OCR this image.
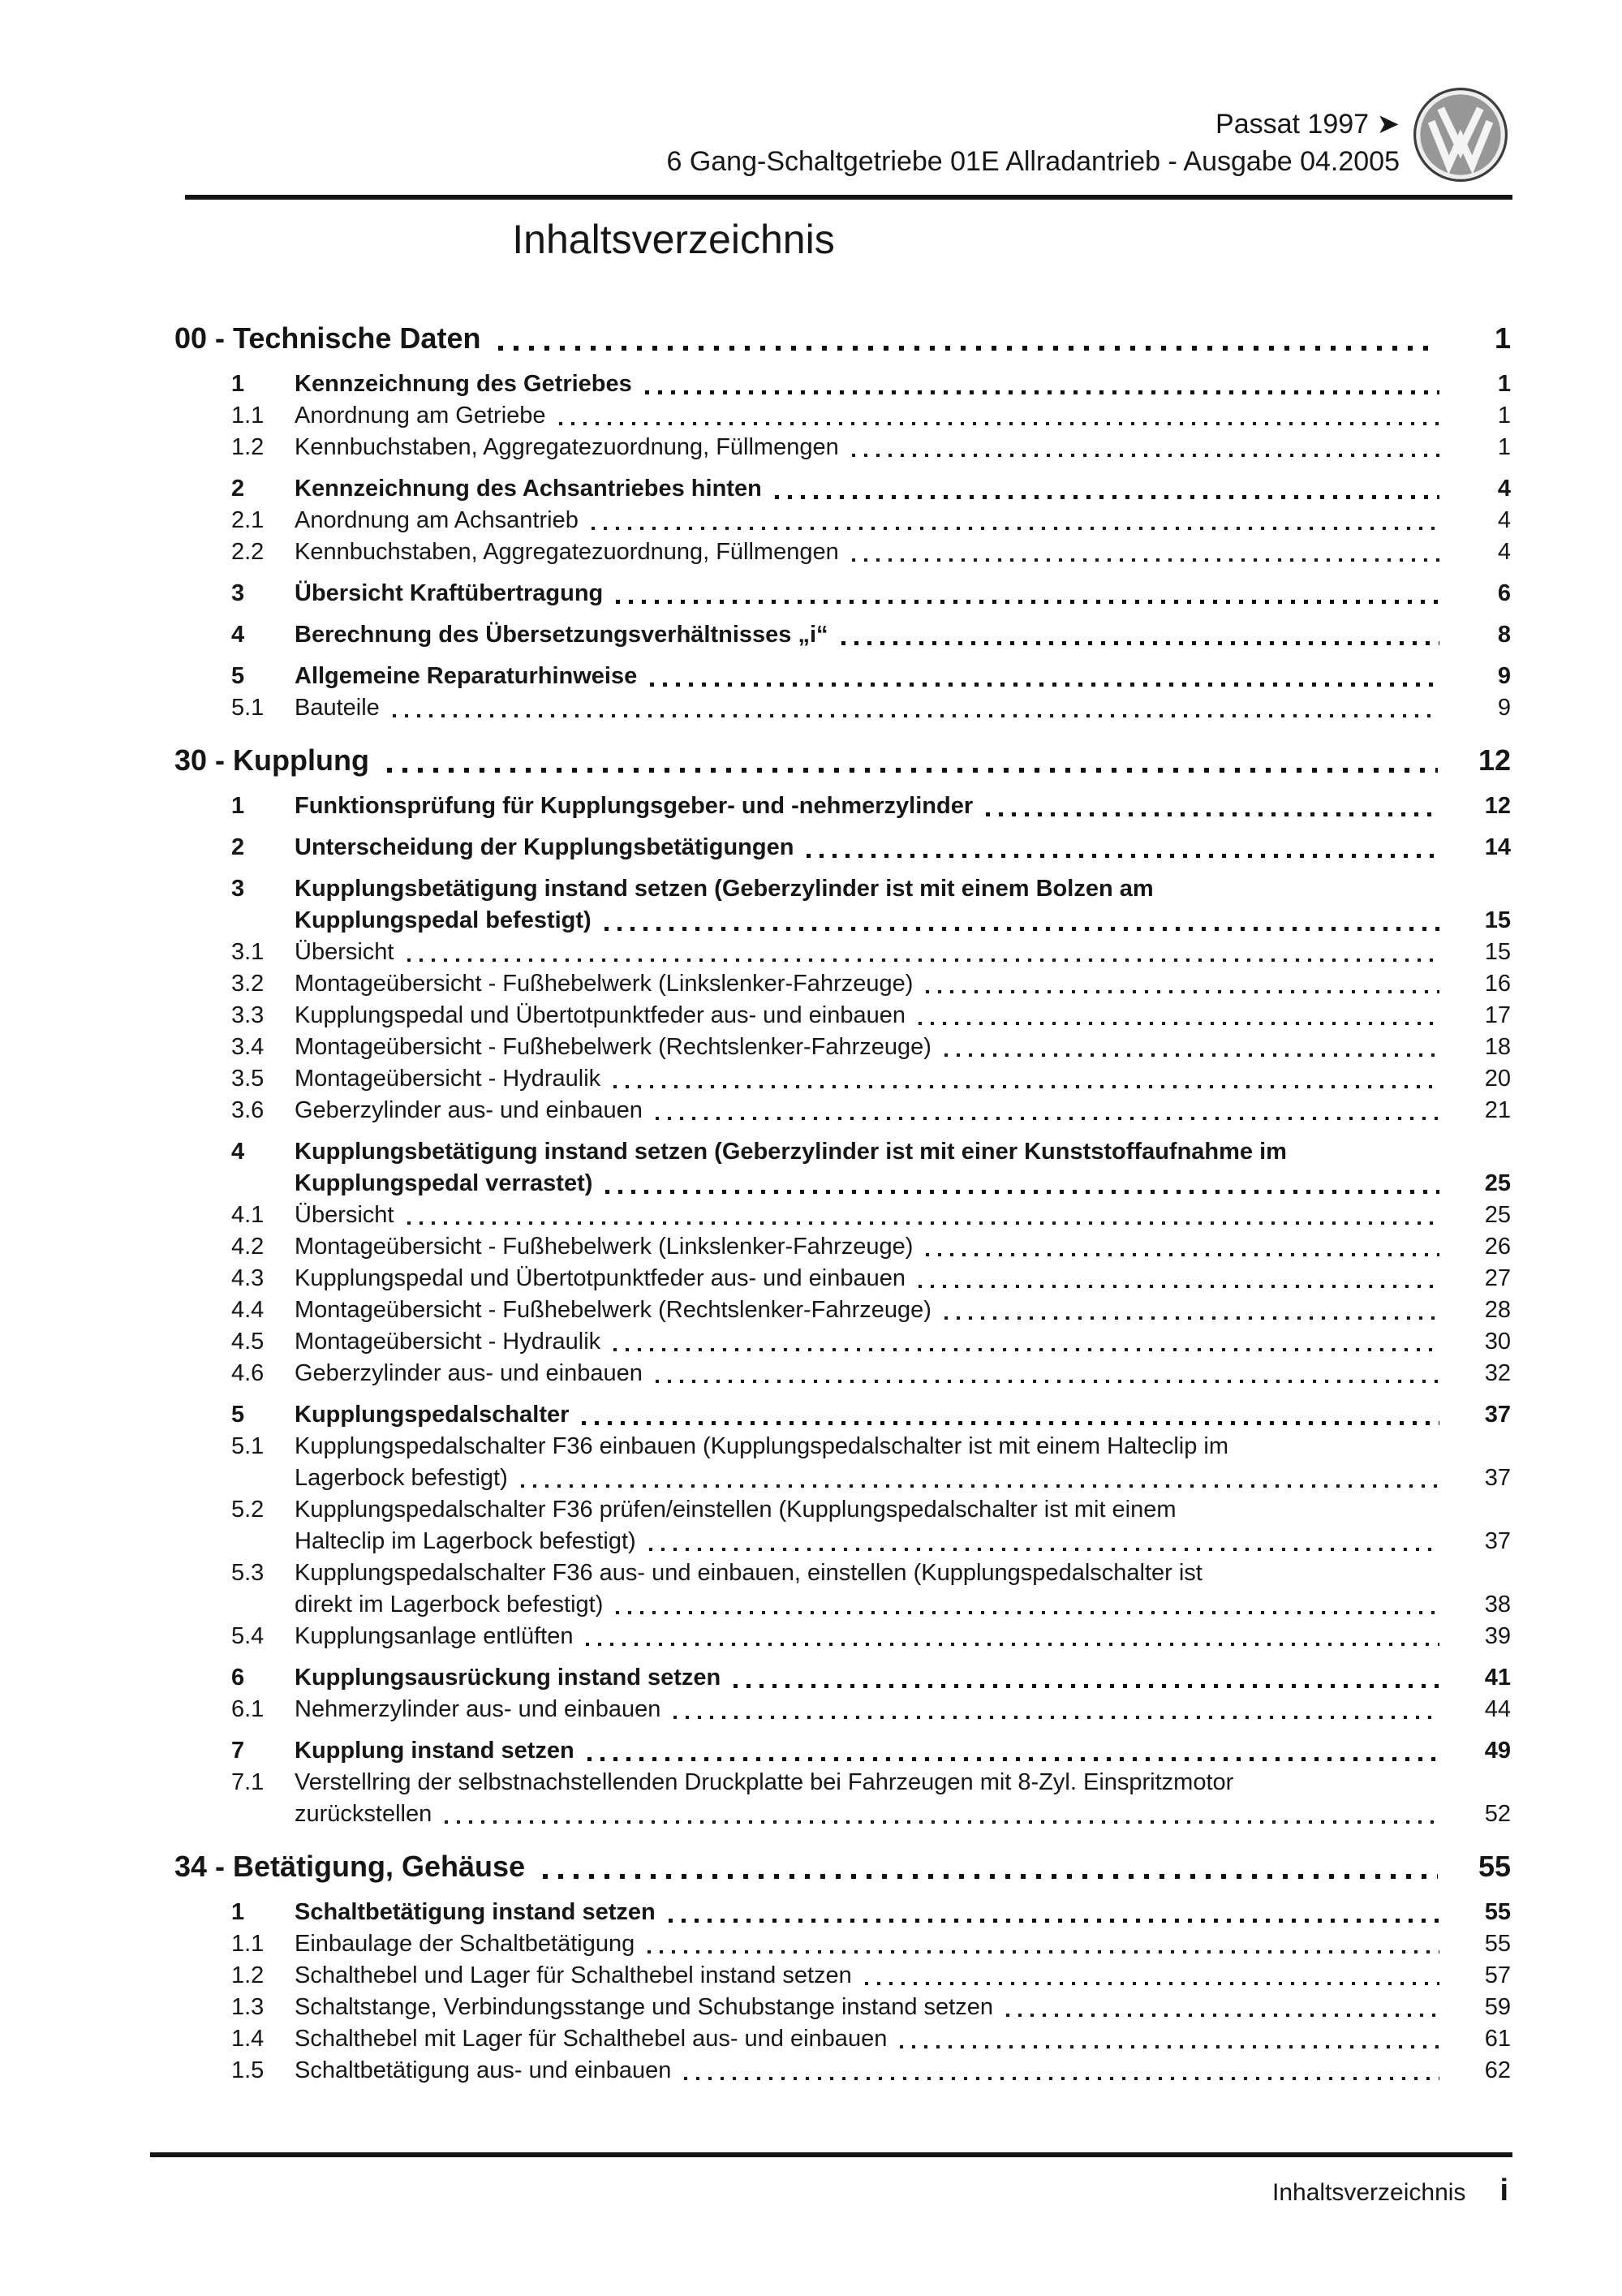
Passat 1997 ➤
6 Gang-Schaltgetriebe 01E Allradantrieb - Ausgabe 04.2005
Inhaltsverzeichnis
00 - Technische Daten	1
1	Kennzeichnung des Getriebes	1
1.1	Anordnung am Getriebe	1
1.2	Kennbuchstaben, Aggregatezuordnung, Füllmengen	1
2	Kennzeichnung des Achsantriebes hinten	4
2.1	Anordnung am Achsantrieb	4
2.2	Kennbuchstaben, Aggregatezuordnung, Füllmengen	4
3	Übersicht Kraftübertragung	6
4	Berechnung des Übersetzungsverhältnisses „i“	8
5	Allgemeine Reparaturhinweise	9
5.1	Bauteile	9
30 - Kupplung	12
1	Funktionsprüfung für Kupplungsgeber- und -nehmerzylinder	12
2	Unterscheidung der Kupplungsbetätigungen	14
3	Kupplungsbetätigung instand setzen (Geberzylinder ist mit einem Bolzen am
Kupplungspedal befestigt)	15
3.1	Übersicht	15
3.2	Montageübersicht - Fußhebelwerk (Linkslenker-Fahrzeuge)	16
3.3	Kupplungspedal und Übertotpunktfeder aus- und einbauen	17
3.4	Montageübersicht - Fußhebelwerk (Rechtslenker-Fahrzeuge)	18
3.5	Montageübersicht - Hydraulik	20
3.6	Geberzylinder aus- und einbauen	21
4	Kupplungsbetätigung instand setzen (Geberzylinder ist mit einer Kunststoffaufnahme im
Kupplungspedal verrastet)	25
4.1	Übersicht	25
4.2	Montageübersicht - Fußhebelwerk (Linkslenker-Fahrzeuge)	26
4.3	Kupplungspedal und Übertotpunktfeder aus- und einbauen	27
4.4	Montageübersicht - Fußhebelwerk (Rechtslenker-Fahrzeuge)	28
4.5	Montageübersicht - Hydraulik	30
4.6	Geberzylinder aus- und einbauen	32
5	Kupplungspedalschalter	37
5.1	Kupplungspedalschalter F36 einbauen (Kupplungspedalschalter ist mit einem Halteclip im
Lagerbock befestigt)	37
5.2	Kupplungspedalschalter F36 prüfen/einstellen (Kupplungspedalschalter ist mit einem
Halteclip im Lagerbock befestigt)	37
5.3	Kupplungspedalschalter F36 aus- und einbauen, einstellen (Kupplungspedalschalter ist
direkt im Lagerbock befestigt)	38
5.4	Kupplungsanlage entlüften	39
6	Kupplungsausrückung instand setzen	41
6.1	Nehmerzylinder aus- und einbauen	44
7	Kupplung instand setzen	49
7.1	Verstellring der selbstnachstellenden Druckplatte bei Fahrzeugen mit 8-Zyl. Einspritzmotor
zurückstellen	52
34 - Betätigung, Gehäuse	55
1	Schaltbetätigung instand setzen	55
1.1	Einbaulage der Schaltbetätigung	55
1.2	Schalthebel und Lager für Schalthebel instand setzen	57
1.3	Schaltstange, Verbindungsstange und Schubstange instand setzen	59
1.4	Schalthebel mit Lager für Schalthebel aus- und einbauen	61
1.5	Schaltbetätigung aus- und einbauen	62
Inhaltsverzeichnis i
